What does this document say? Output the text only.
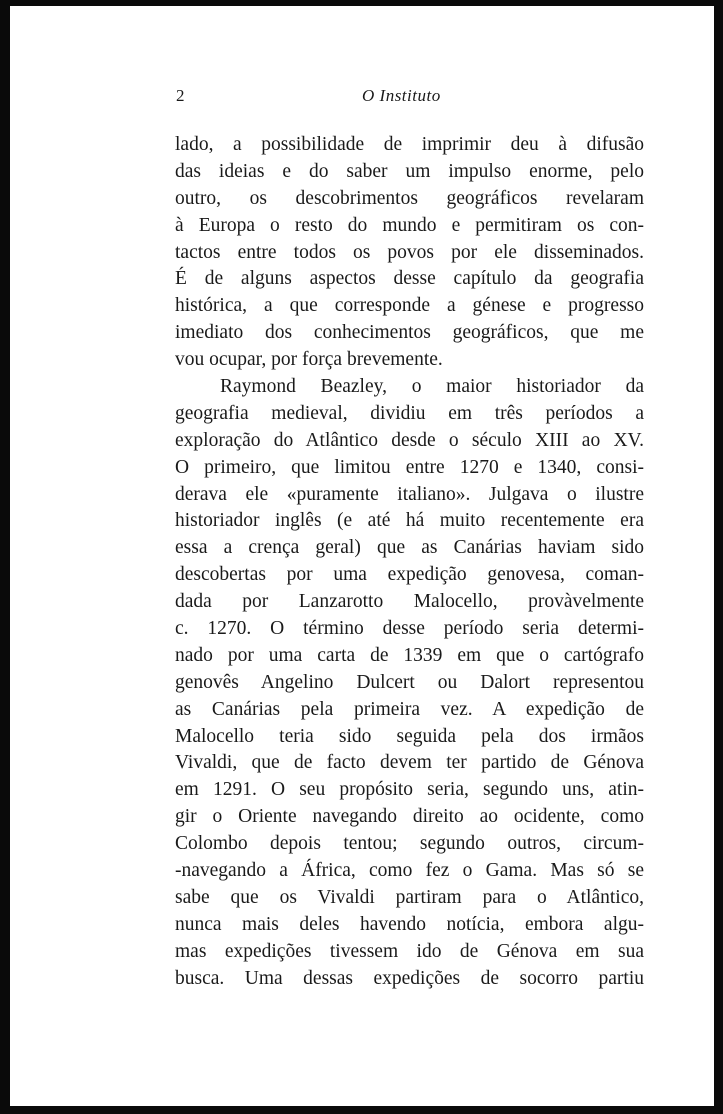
2	O Instituto
lado, a possibilidade de imprimir deu à difusão
das ideias e do saber um impulso enorme, pelo
outro, os descobrimentos geográficos revelaram
à Europa o resto do mundo e permitiram os con-
tactos entre todos os povos por ele disseminados.
É de alguns aspectos desse capítulo da geografia
histórica, a que corresponde a génese e progresso
imediato dos conhecimentos geográficos, que me
vou ocupar, por força brevemente.
Raymond Beazley, o maior historiador da
geografia medieval, dividiu em três períodos a
exploração do Atlântico desde o século XIII ao XV.
O primeiro, que limitou entre 1270 e 1340, consi-
derava ele «puramente italiano». Julgava o ilustre
historiador inglês (e até há muito recentemente era
essa a crença geral) que as Canárias haviam sido
descobertas por uma expedição genovesa, coman-
dada por Lanzarotto Malocello, provàvelmente
c. 1270. O término desse período seria determi-
nado por uma carta de 1339 em que o cartógrafo
genovês Angelino Dulcert ou Dalort representou
as Canárias pela primeira vez. A expedição de
Malocello teria sido seguida pela dos irmãos
Vivaldi, que de facto devem ter partido de Génova
em 1291. O seu propósito seria, segundo uns, atin-
gir o Oriente navegando direito ao ocidente, como
Colombo depois tentou; segundo outros, circum-
-navegando a África, como fez o Gama. Mas só se
sabe que os Vivaldi partiram para o Atlântico,
nunca mais deles havendo notícia, embora algu-
mas expedições tivessem ido de Génova em sua
busca. Uma dessas expedições de socorro partiu
